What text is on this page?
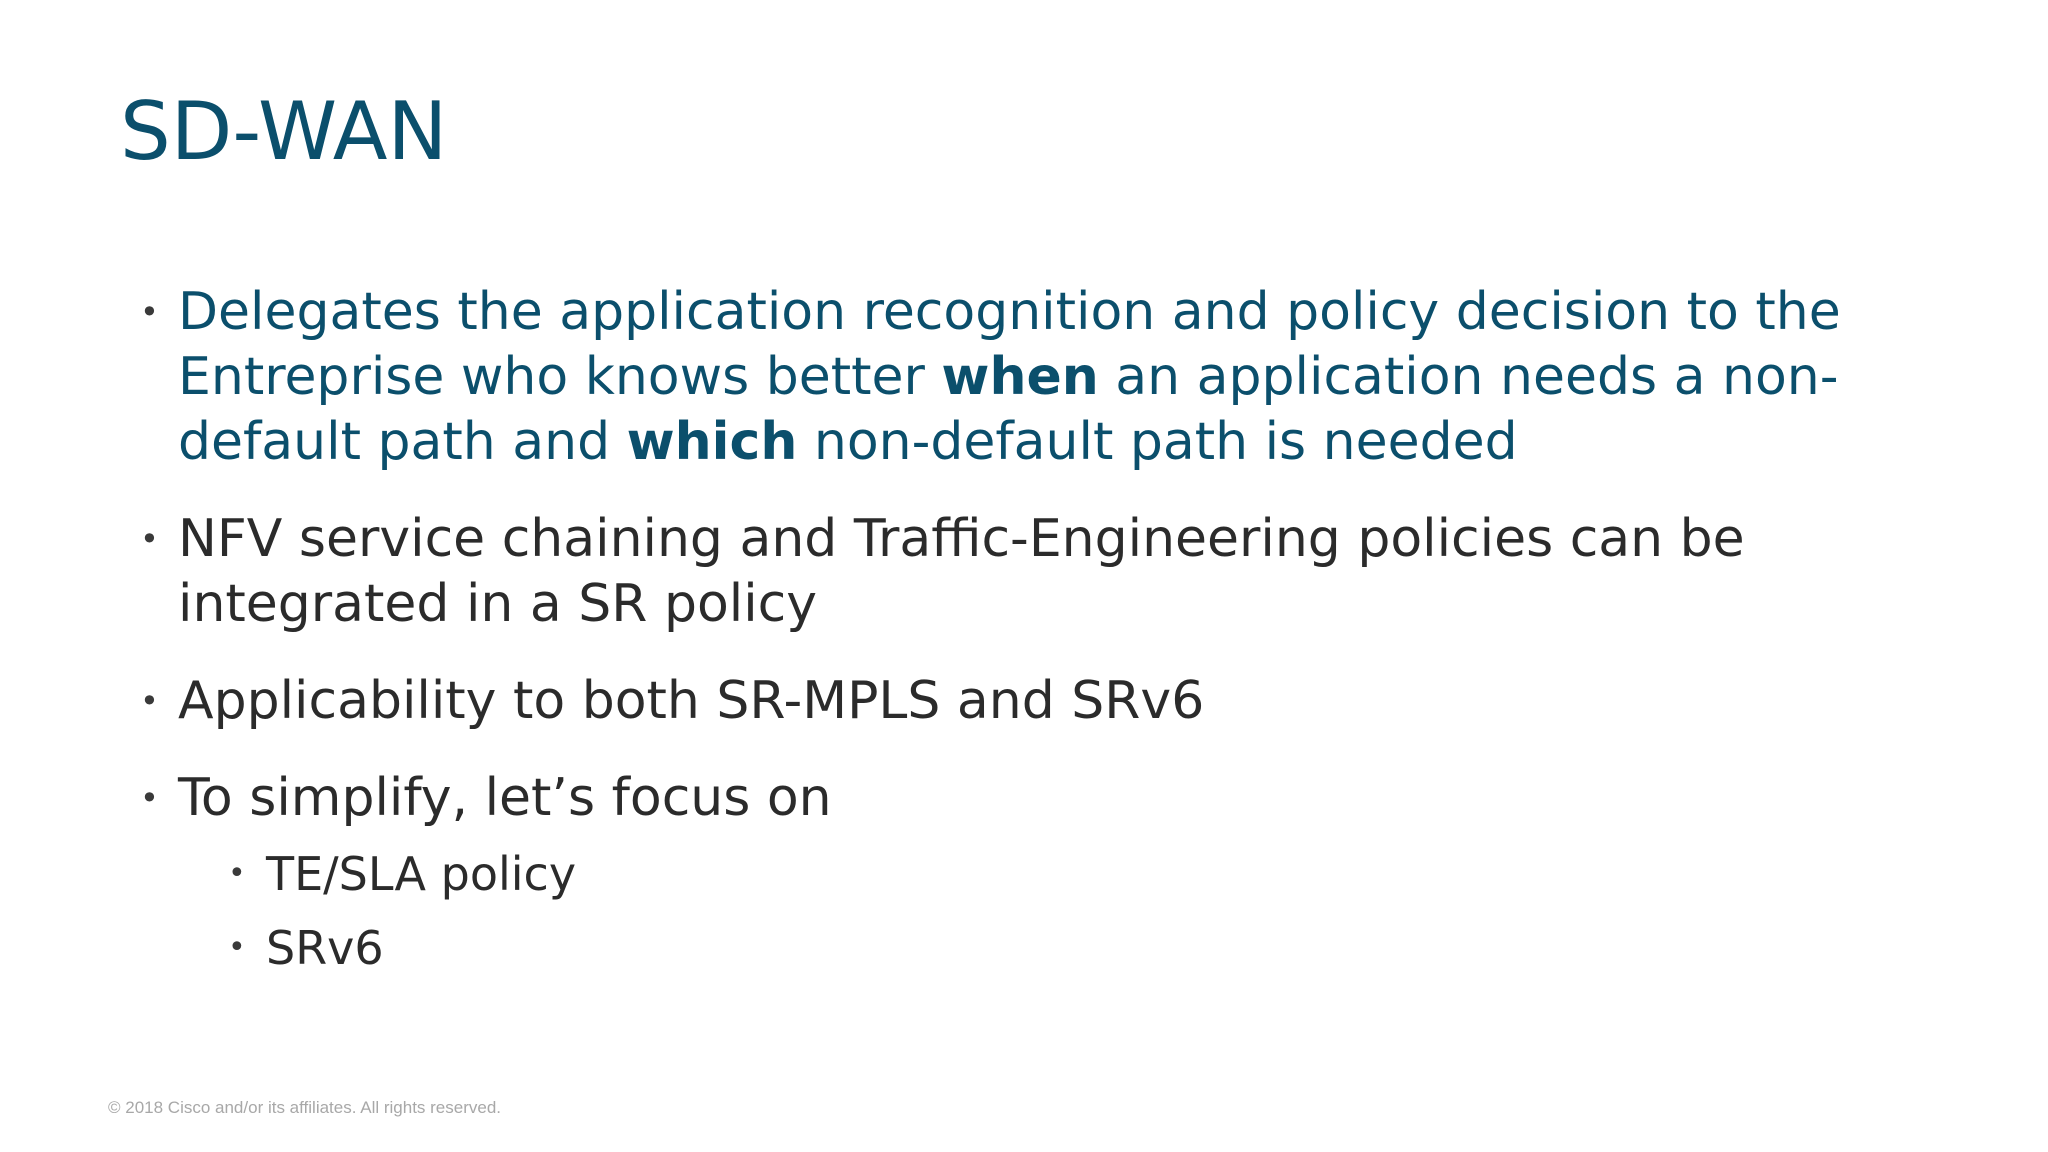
SD-WAN
• Delegates the application recognition and policy decision to the Entreprise who knows better when an application needs a non-default path and which non-default path is needed
• NFV service chaining and Traffic-Engineering policies can be integrated in a SR policy
• Applicability to both SR-MPLS and SRv6
• To simplify, let’s focus on
• TE/SLA policy
• SRv6
© 2018 Cisco and/or its affiliates. All rights reserved.
